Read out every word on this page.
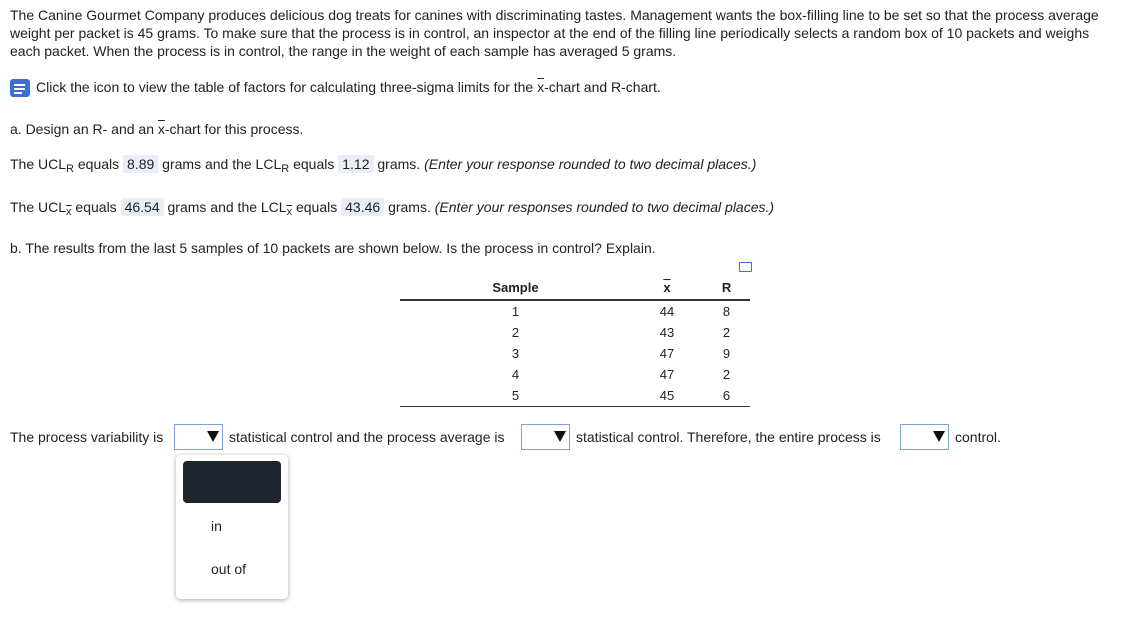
The Canine Gourmet Company produces delicious dog treats for canines with discriminating tastes. Management wants the box-filling line to be set so that the process average weight per packet is 45 grams. To make sure that the process is in control, an inspector at the end of the filling line periodically selects a random box of 10 packets and weighs each packet. When the process is in control, the range in the weight of each sample has averaged 5 grams.
Click the icon to view the table of factors for calculating three-sigma limits for the $\overline{x}$-chart and R-chart.
a. Design an R- and an $\overline{x}$-chart for this process.
The $UCL_R$ equals 8.89 grams and the $LCL_R$ equals 1.12 grams. (Enter your response rounded to two decimal places.)
The $UCL_{\overline{x}}$ equals 46.54 grams and the $LCL_{\overline{x}}$ equals 43.46 grams. (Enter your responses rounded to two decimal places.)
b. The results from the last 5 samples of 10 packets are shown below. Is the process in control? Explain.
Sample	$\overline{x}$	R
1	44	8
2	43	2
3	47	9
4	47	2
5	45	6
The process variability is	statistical control and the process average is	statistical control. Therefore, the entire process is	control.
in
out of
